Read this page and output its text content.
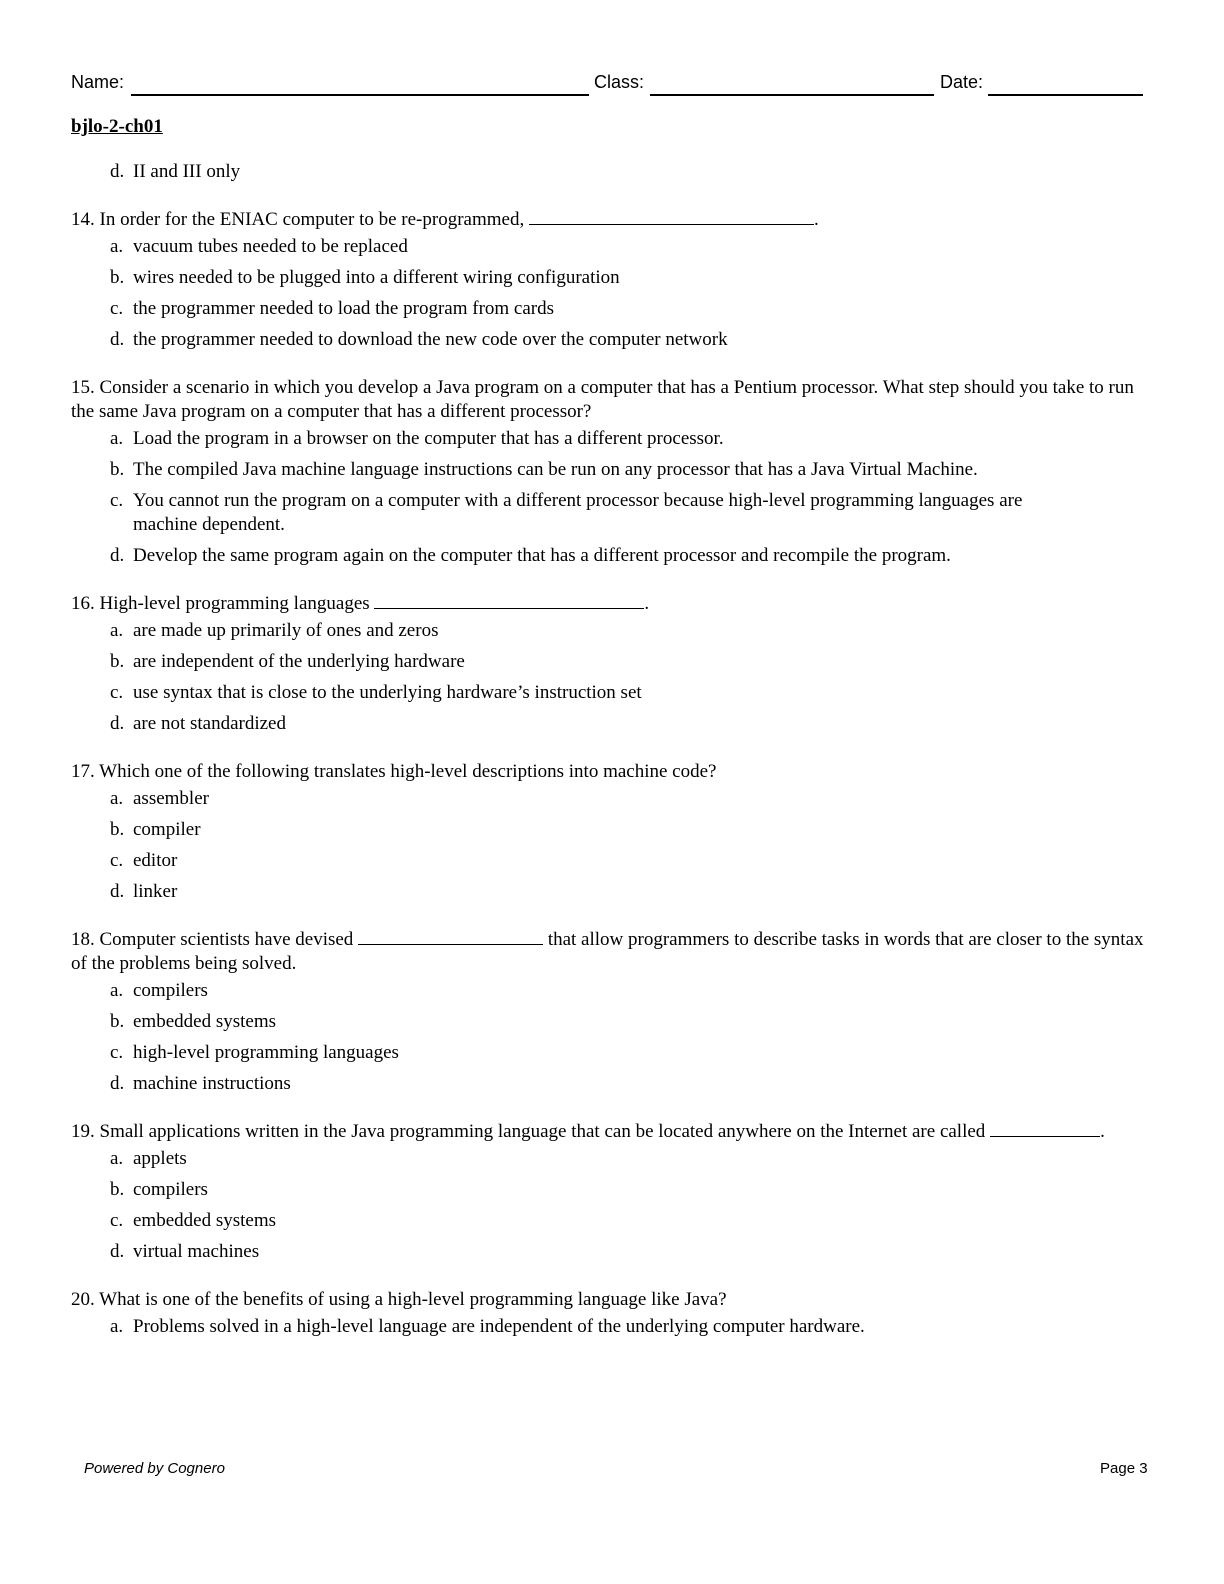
Name:	Class:	Date:
bjlo-2-ch01
d. II and III only

14. In order for the ENIAC computer to be re-programmed,	.

a. vacuum tubes needed to be replaced
b. wires needed to be plugged into a different wiring configuration
c. the programmer needed to load the program from cards
d. the programmer needed to download the new code over the computer network

15. Consider a scenario in which you develop a Java program on a computer that has a Pentium processor. What step should you take to run the same Java program on a computer that has a different processor?

a. Load the program in a browser on the computer that has a different processor.
b. The compiled Java machine language instructions can be run on any processor that has a Java Virtual Machine.
c. You cannot run the program on a computer with a different processor because high-level programming languages are machine dependent.
d. Develop the same program again on the computer that has a different processor and recompile the program.

16. High-level programming languages	.

a. are made up primarily of ones and zeros
b. are independent of the underlying hardware
c. use syntax that is close to the underlying hardware’s instruction set
d. are not standardized

17. Which one of the following translates high-level descriptions into machine code?

a. assembler
b. compiler
c. editor
d. linker

18. Computer scientists have devised	that allow programmers to describe tasks in words that are closer to the syntax of the problems being solved.

a. compilers
b. embedded systems
c. high-level programming languages
d. machine instructions

19. Small applications written in the Java programming language that can be located anywhere on the Internet are called	.

a. applets
b. compilers
c. embedded systems
d. virtual machines

20. What is one of the benefits of using a high-level programming language like Java?

a. Problems solved in a high-level language are independent of the underlying computer hardware.
Powered by Cognero	Page 3
